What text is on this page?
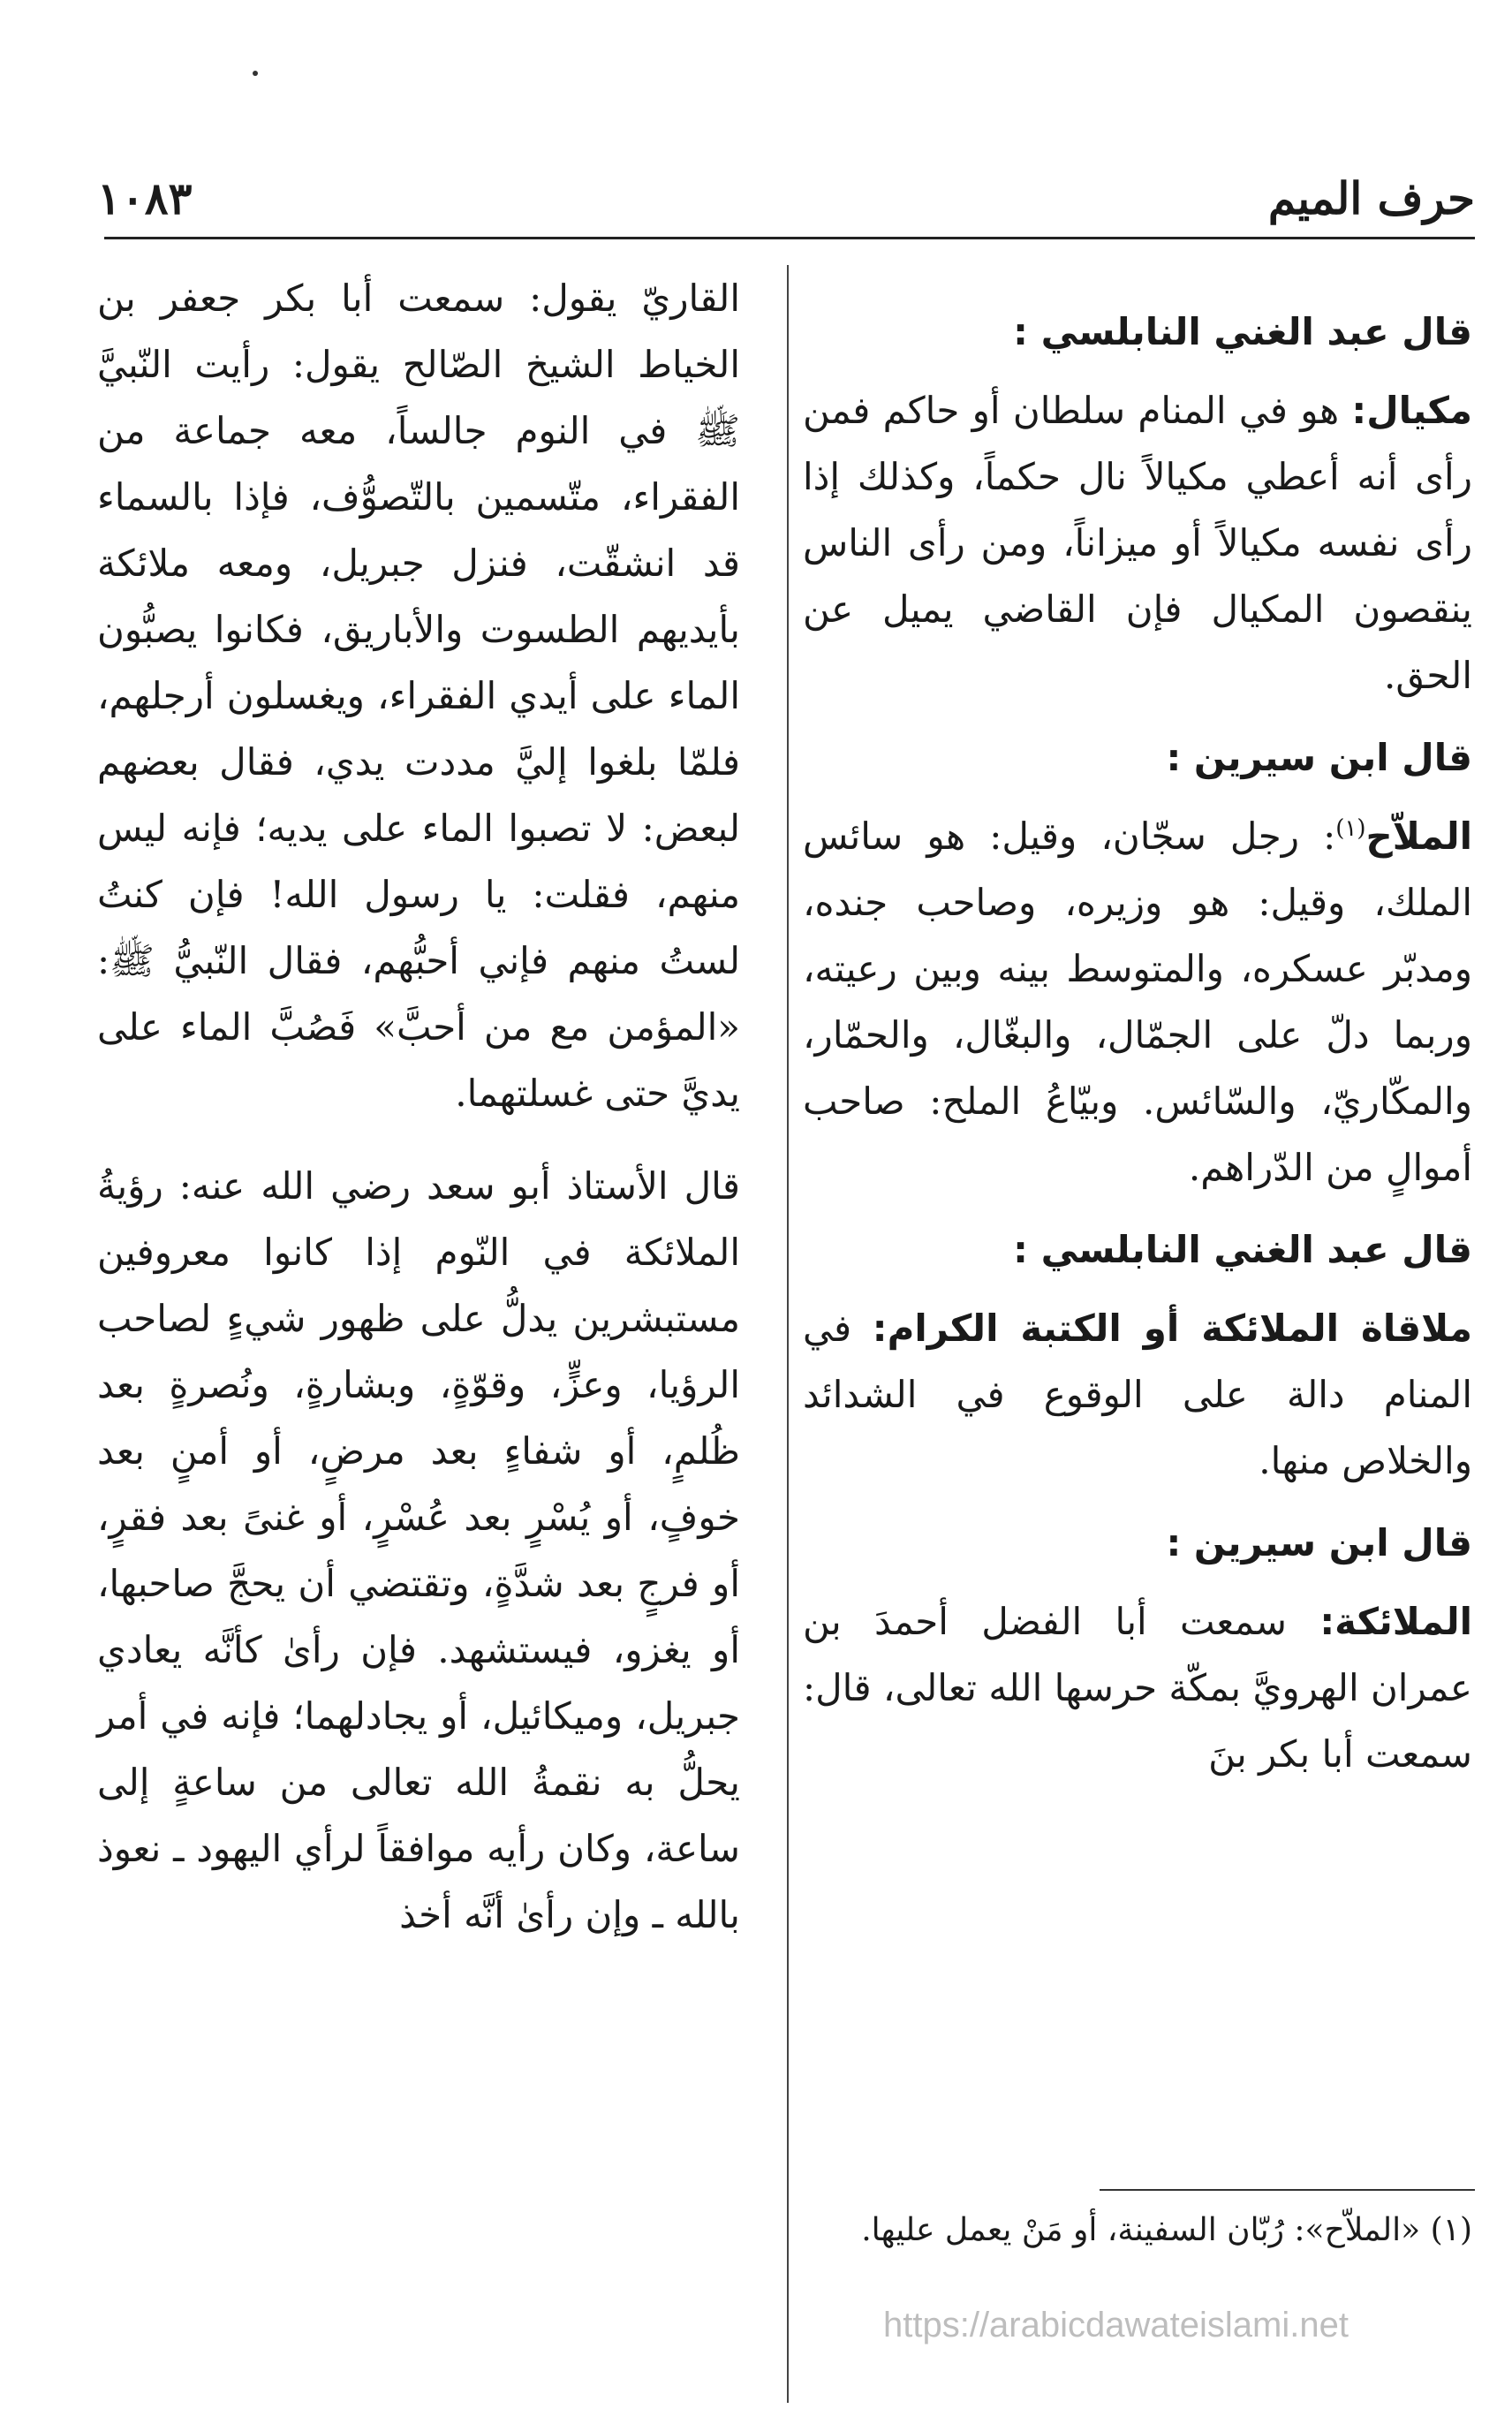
١٠٨٣	حرف الميم
قال عبد الغني النابلسي :

مكيال: هو في المنام سلطان أو حاكم فمن رأى أنه أعطي مكيالاً نال حكماً، وكذلك إذا رأى نفسه مكيالاً أو ميزاناً، ومن رأى الناس ينقصون المكيال فإن القاضي يميل عن الحق.

قال ابن سيرين :

الملاّح$^{(١)}$: رجل سجّان، وقيل: هو سائس الملك، وقيل: هو وزيره، وصاحب جنده، ومدبّر عسكره، والمتوسط بينه وبين رعيته، وربما دلّ على الجمّال، والبغّال، والحمّار، والمكّاريّ، والسّائس. وبيّاعُ الملح: صاحب أموالٍ من الدّراهم.

قال عبد الغني النابلسي :

ملاقاة الملائكة أو الكتبة الكرام: في المنام دالة على الوقوع في الشدائد والخلاص منها.

قال ابن سيرين :

الملائكة: سمعت أبا الفضل أحمدَ بن عمران الهرويَّ بمكّة حرسها الله تعالى، قال: سمعت أبا بكر بنَ

القاريّ يقول: سمعت أبا بكر جعفر بن الخياط الشيخ الصّالح يقول: رأيت النّبيَّ ﷺ في النوم جالساً، معه جماعة من الفقراء، متّسمين بالتّصوُّف، فإذا بالسماء قد انشقّت، فنزل جبريل، ومعه ملائكة بأيديهم الطسوت والأباريق، فكانوا يصبُّون الماء على أيدي الفقراء، ويغسلون أرجلهم، فلمّا بلغوا إليَّ مددت يدي، فقال بعضهم لبعض: لا تصبوا الماء على يديه؛ فإنه ليس منهم، فقلت: يا رسول الله! فإن كنتُ لستُ منهم فإني أحبُّهم، فقال النّبيُّ ﷺ: «المؤمن مع من أحبَّ» فَصُبَّ الماء على يديَّ حتى غسلتهما.

قال الأستاذ أبو سعد رضي الله عنه: رؤيةُ الملائكة في النّوم إذا كانوا معروفين مستبشرين يدلُّ على ظهور شيءٍ لصاحب الرؤيا، وعزٍّ، وقوّةٍ، وبشارةٍ، ونُصرةٍ بعد ظُلمٍ، أو شفاءٍ بعد مرضٍ، أو أمنٍ بعد خوفٍ، أو يُسْرٍ بعد عُسْرٍ، أو غنىً بعد فقرٍ، أو فرجٍ بعد شدَّةٍ، وتقتضي أن يحجَّ صاحبها، أو يغزو، فيستشهد. فإن رأىٰ كأنَّه يعادي جبريل، وميكائيل، أو يجادلهما؛ فإنه في أمر يحلُّ به نقمةُ الله تعالى من ساعةٍ إلى ساعة، وكان رأيه موافقاً لرأي اليهود ـ نعوذ بالله ـ وإن رأىٰ أنَّه أخذ

(١) «الملاّح»: رُبّان السفينة، أو مَنْ يعمل عليها.
https://arabicdawateislami.net
